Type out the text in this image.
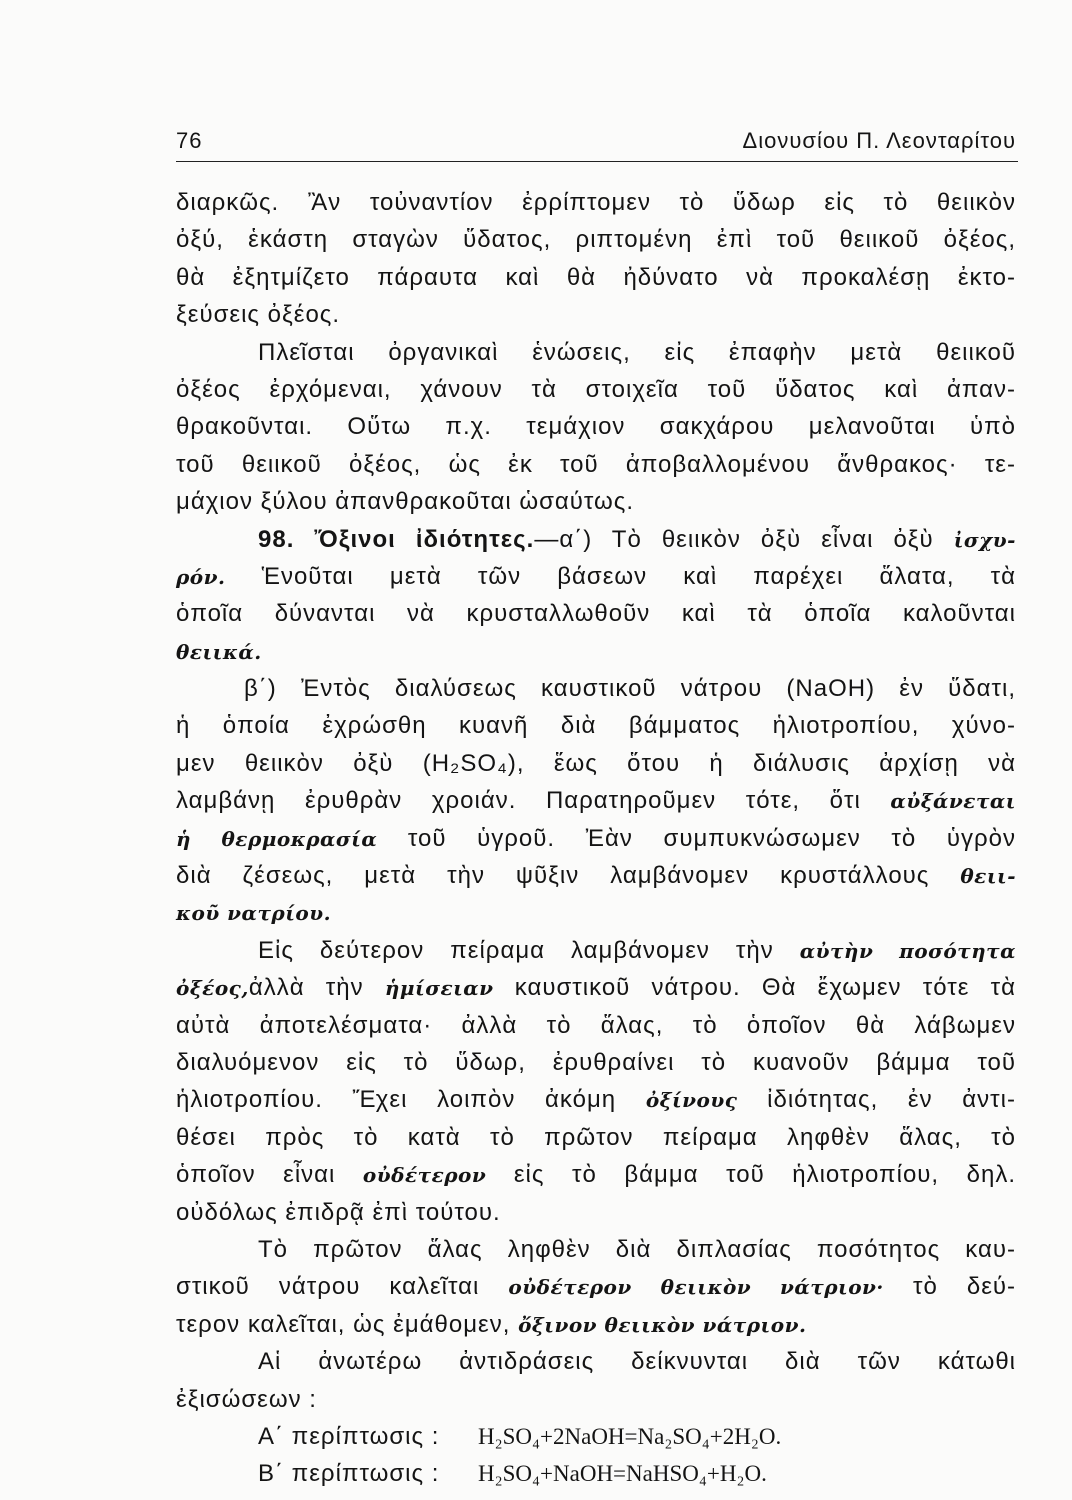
76	Διονυσίου Π. Λεονταρίτου
διαρκῶς. Ἂν τοὐναντίον ἐρρίπτομεν τὸ ὕδωρ εἰς τὸ θειικὸν
ὀξύ, ἑκάστη σταγὼν ὕδατος, ριπτομένη ἐπὶ τοῦ θειικοῦ ὀξέος,
θὰ ἐξητμίζετο πάραυτα καὶ θὰ ἠδύνατο νὰ προκαλέσῃ ἐκτο-
ξεύσεις ὀξέος.
Πλεῖσται ὀργανικαὶ ἑνώσεις, εἰς ἐπαφὴν μετὰ θειικοῦ
ὀξέος ἐρχόμεναι, χάνουν τὰ στοιχεῖα τοῦ ὕδατος καὶ ἀπαν-
θρακοῦνται. Οὕτω π.χ. τεμάχιον σακχάρου μελανοῦται ὑπὸ
τοῦ θειικοῦ ὀξέος, ὡς ἐκ τοῦ ἀποβαλλομένου ἄνθρακος· τε-
μάχιον ξύλου ἀπανθρακοῦται ὡσαύτως.
98. Ὄξινοι ἰδιότητες.—α΄) Τὸ θειικὸν ὀξὺ εἶναι ὀξὺ ἰσχυ-
ρόν. Ἑνοῦται μετὰ τῶν βάσεων καὶ παρέχει ἅλατα, τὰ
ὁποῖα δύνανται νὰ κρυσταλλωθοῦν καὶ τὰ ὁποῖα καλοῦνται
θειικά.
β΄) Ἐντὸς διαλύσεως καυστικοῦ νάτρου (NaOH) ἐν ὕδατι,
ἡ ὁποία ἐχρώσθη κυανῆ διὰ βάμματος ἡλιοτροπίου, χύνο-
μεν θειικὸν ὀξὺ (H₂SO₄), ἕως ὅτου ἡ διάλυσις ἀρχίσῃ νὰ
λαμβάνῃ ἐρυθρὰν χροιάν. Παρατηροῦμεν τότε, ὅτι αὐξάνεται
ἡ θερμοκρασία τοῦ ὑγροῦ. Ἐὰν συμπυκνώσωμεν τὸ ὑγρὸν
διὰ ζέσεως, μετὰ τὴν ψῦξιν λαμβάνομεν κρυστάλλους θειι-
κοῦ νατρίου.
Εἰς δεύτερον πείραμα λαμβάνομεν τὴν αὐτὴν ποσότητα
ὀξέος,ἀλλὰ τὴν ἡμίσειαν καυστικοῦ νάτρου. Θὰ ἔχωμεν τότε τὰ
αὐτὰ ἀποτελέσματα· ἀλλὰ τὸ ἅλας, τὸ ὁποῖον θὰ λάβωμεν
διαλυόμενον εἰς τὸ ὕδωρ, ἐρυθραίνει τὸ κυανοῦν βάμμα τοῦ
ἡλιοτροπίου. Ἔχει λοιπὸν ἀκόμη ὀξίνους ἰδιότητας, ἐν ἀντι-
θέσει πρὸς τὸ κατὰ τὸ πρῶτον πείραμα ληφθὲν ἅλας, τὸ
ὁποῖον εἶναι οὐδέτερον εἰς τὸ βάμμα τοῦ ἡλιοτροπίου, δηλ.
οὐδόλως ἐπιδρᾷ ἐπὶ τούτου.
Τὸ πρῶτον ἅλας ληφθὲν διὰ διπλασίας ποσότητος καυ-
στικοῦ νάτρου καλεῖται οὐδέτερον θειικὸν νάτριον· τὸ δεύ-
τερον καλεῖται, ὡς ἐμάθομεν, ὄξινον θειικὸν νάτριον.
Αἱ ἀνωτέρω ἀντιδράσεις δείκνυνται διὰ τῶν κάτωθι
ἐξισώσεων :
Α΄ περίπτωσις : H₂SO₄+2NaOH=Na₂SO₄+2H₂O.
Β΄ περίπτωσις : H₂SO₄+NaOH=NaHSO₄+H₂O.
